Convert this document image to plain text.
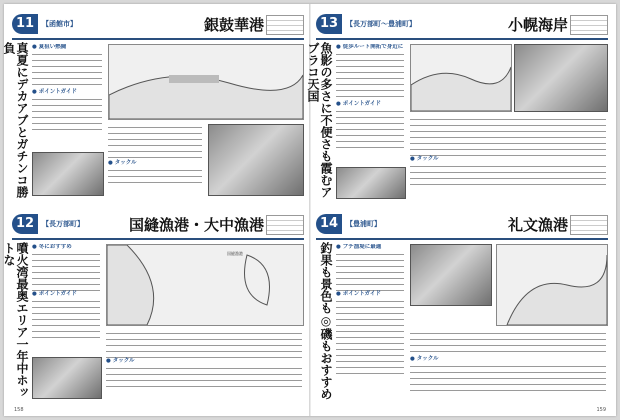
11	【函館市】	銀鼓華港
真夏にデカアブとガチンコ勝負	● 夏狙い熱闘
● ポイントガイド
● タックル
13	【長万部町〜豊浦町】	小幌海岸
魚影の多さに不便さも霞むアブラコ天国	● 徒歩ルート開拓で身近に
● ポイントガイド
● タックル
12	【長万部町】	国縫漁港・大中漁港
噴火湾最奥エリア一年中ホットな	● 冬におすすめ
● ポイントガイド
国縫漁港
● タックル
14	【豊浦町】	礼文漁港
釣果も景色も◎磯もおすすめ ● ブチ漁堤に最適
● ポイントガイド
● タックル
158	159
